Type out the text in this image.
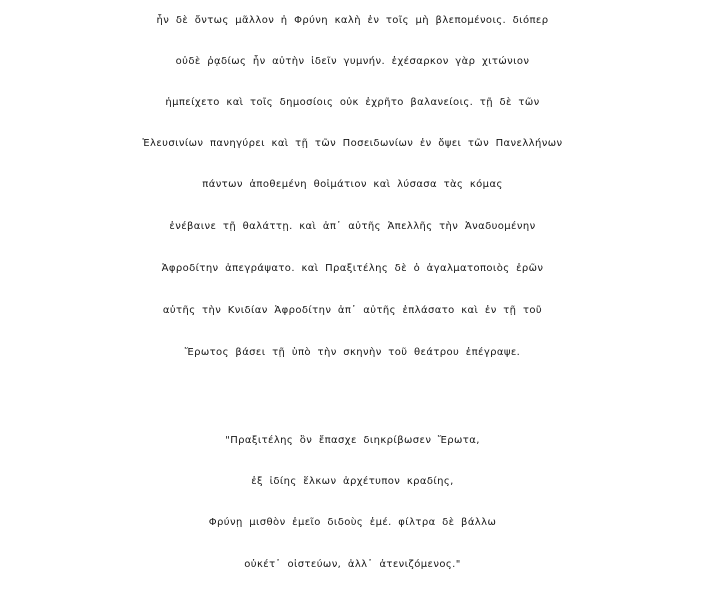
ἦν δὲ ὄντως μᾶλλον ἡ Φρύνη καλὴ ἐν τοῖς μὴ βλεπομένοις. διόπερ
οὐδὲ ῥᾳδίως ἦν αὐτὴν ἰδεῖν γυμνήν. ἐχέσαρκον γὰρ χιτώνιον
ἠμπείχετο καὶ τοῖς δημοσίοις οὐκ ἐχρῆτο βαλανείοις. τῇ δὲ τῶν
Ἐλευσινίων πανηγύρει καὶ τῇ τῶν Ποσειδωνίων ἐν ὄψει τῶν Πανελλήνων
πάντων ἀποθεμένη θοἰμάτιον καὶ λύσασα τὰς κόμας
ἐνέβαινε τῇ θαλάττῃ. καὶ ἀπ᾽ αὐτῆς Ἀπελλῆς τὴν Ἀναδυομένην
Ἀφροδίτην ἀπεγράψατο. καὶ Πραξιτέλης δὲ ὁ ἀγαλματοποιὸς ἐρῶν
αὐτῆς τὴν Κνιδίαν Ἀφροδίτην ἀπ᾽ αὐτῆς ἐπλάσατο καὶ ἐν τῇ τοῦ
Ἔρωτος βάσει τῇ ὑπὸ τὴν σκηνὴν τοῦ θεάτρου ἐπέγραψε.
"Πραξιτέλης ὃν ἔπασχε διηκρίβωσεν Ἔρωτα,
ἐξ ἰδίης ἕλκων ἀρχέτυπον κραδίης,
Φρύνῃ μισθὸν ἐμεῖο διδοὺς ἐμέ. φίλτρα δὲ βάλλω
οὐκέτ᾽ οἰστεύων, ἀλλ᾽ ἀτενιζόμενος."
